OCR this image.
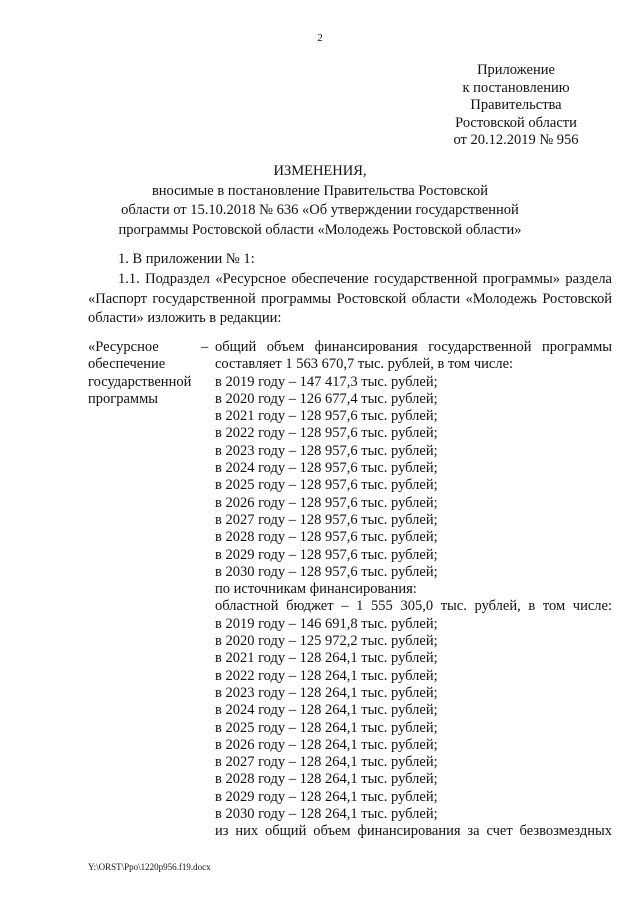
2
Приложение
к постановлению
Правительства
Ростовской области
от 20.12.2019 № 956
ИЗМЕНЕНИЯ,
вносимые в постановление Правительства Ростовской
области от 15.10.2018 № 636 «Об утверждении государственной
программы Ростовской области «Молодежь Ростовской области»
1. В приложении № 1:
1.1. Подраздел «Ресурсное обеспечение государственной программы» раздела «Паспорт государственной программы Ростовской области «Молодежь Ростовской области» изложить в редакции:
«Ресурсное
обеспечение
государственной
программы
– общий объем финансирования государственной программы
составляет 1 563 670,7 тыс. рублей, в том числе:
в 2019 году – 147 417,3 тыс. рублей;
в 2020 году – 126 677,4 тыс. рублей;
в 2021 году – 128 957,6 тыс. рублей;
в 2022 году – 128 957,6 тыс. рублей;
в 2023 году – 128 957,6 тыс. рублей;
в 2024 году – 128 957,6 тыс. рублей;
в 2025 году – 128 957,6 тыс. рублей;
в 2026 году – 128 957,6 тыс. рублей;
в 2027 году – 128 957,6 тыс. рублей;
в 2028 году – 128 957,6 тыс. рублей;
в 2029 году – 128 957,6 тыс. рублей;
в 2030 году – 128 957,6 тыс. рублей;
по источникам финансирования:
областной бюджет – 1 555 305,0 тыс. рублей, в том числе:
в 2019 году – 146 691,8 тыс. рублей;
в 2020 году – 125 972,2 тыс. рублей;
в 2021 году – 128 264,1 тыс. рублей;
в 2022 году – 128 264,1 тыс. рублей;
в 2023 году – 128 264,1 тыс. рублей;
в 2024 году – 128 264,1 тыс. рублей;
в 2025 году – 128 264,1 тыс. рублей;
в 2026 году – 128 264,1 тыс. рублей;
в 2027 году – 128 264,1 тыс. рублей;
в 2028 году – 128 264,1 тыс. рублей;
в 2029 году – 128 264,1 тыс. рублей;
в 2030 году – 128 264,1 тыс. рублей;
из них общий объем финансирования за счет безвозмездных
Y:\ORST\Ppo\1220p956.f19.docx
